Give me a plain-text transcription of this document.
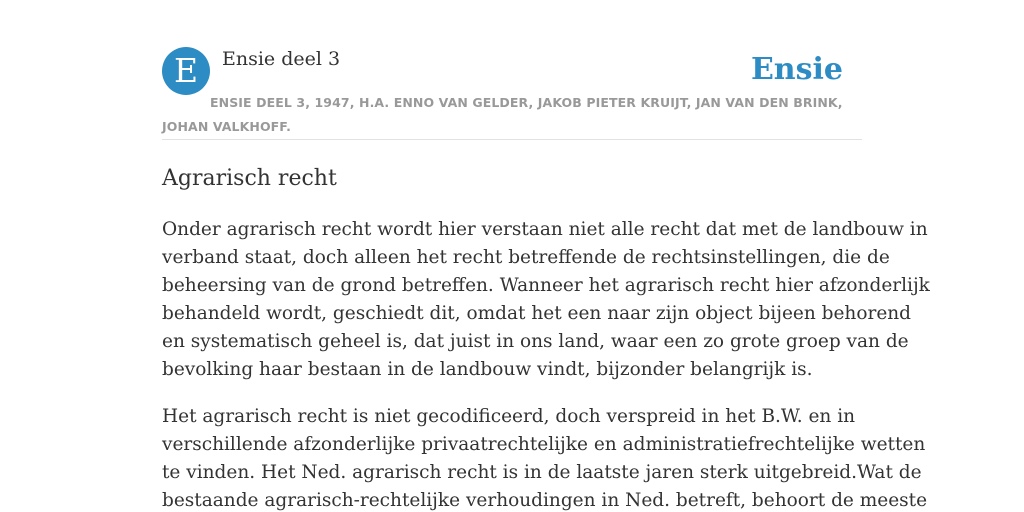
E	Ensie deel 3	Ensie
ENSIE DEEL 3, 1947, H.A. ENNO VAN GELDER, JAKOB PIETER KRUIJT, JAN VAN DEN BRINK, JOHAN VALKHOFF.
Agrarisch recht

Onder agrarisch recht wordt hier verstaan niet alle recht dat met de landbouw in
verband staat, doch alleen het recht betreffende de rechtsinstellingen, die de
beheersing van de grond betreffen. Wanneer het agrarisch recht hier afzonderlijk
behandeld wordt, geschiedt dit, omdat het een naar zijn object bijeen behorend
en systematisch geheel is, dat juist in ons land, waar een zo grote groep van de
bevolking haar bestaan in de landbouw vindt, bijzonder belangrijk is.

Het agrarisch recht is niet gecodificeerd, doch verspreid in het B.W. en in
verschillende afzonderlijke privaatrechtelijke en administratiefrechtelijke wetten
te vinden. Het Ned. agrarisch recht is in de laatste jaren sterk uitgebreid.Wat de
bestaande agrarisch-rechtelijke verhoudingen in Ned. betreft, behoort de meeste
